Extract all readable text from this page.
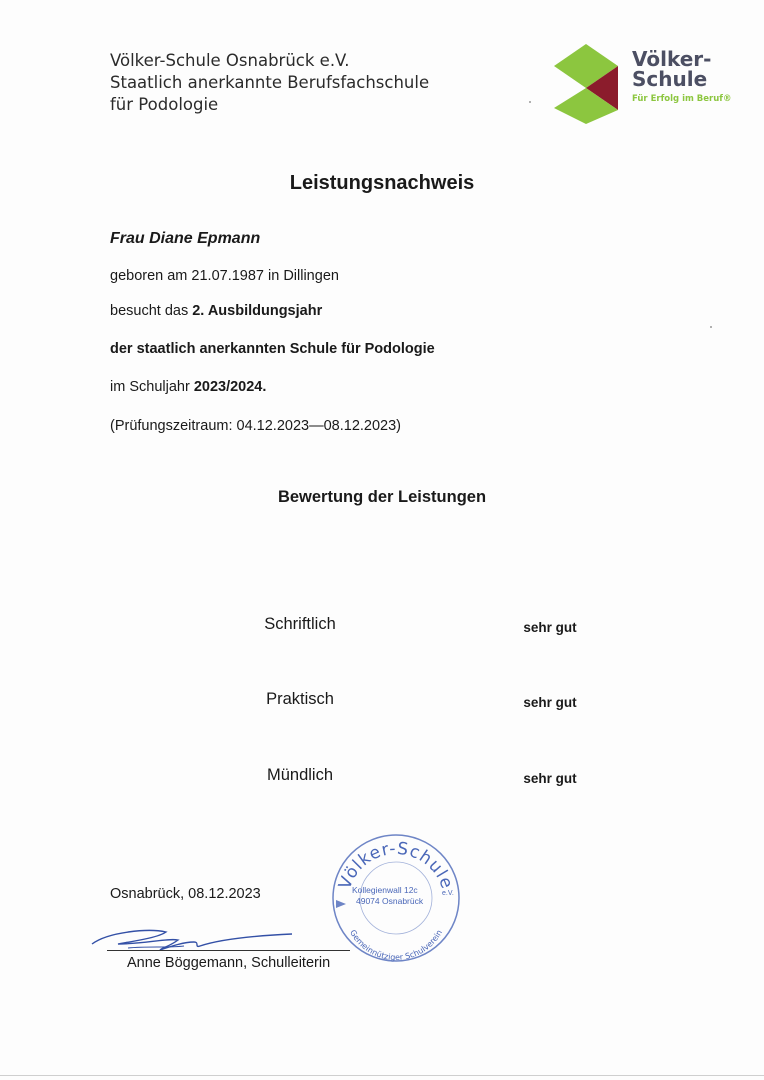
Völker-Schule Osnabrück e.V.
Staatlich anerkannte Berufsfachschule
für Podologie
Völker-
Schule
Für Erfolg im Beruf®
Leistungsnachweis
Frau Diane Epmann
geboren am 21.07.1987 in Dillingen
besucht das 2. Ausbildungsjahr
der staatlich anerkannten Schule für Podologie
im Schuljahr 2023/2024.
(Prüfungszeitraum: 04.12.2023—08.12.2023)
Bewertung der Leistungen
Schriftlich	sehr gut
Praktisch	sehr gut
Mündlich	sehr gut
Osnabrück, 08.12.2023
Völker-Schule
Gemeinnütziger Schulverein
Kollegienwall 12c
49074 Osnabrück
e.V.
Anne Böggemann, Schulleiterin
